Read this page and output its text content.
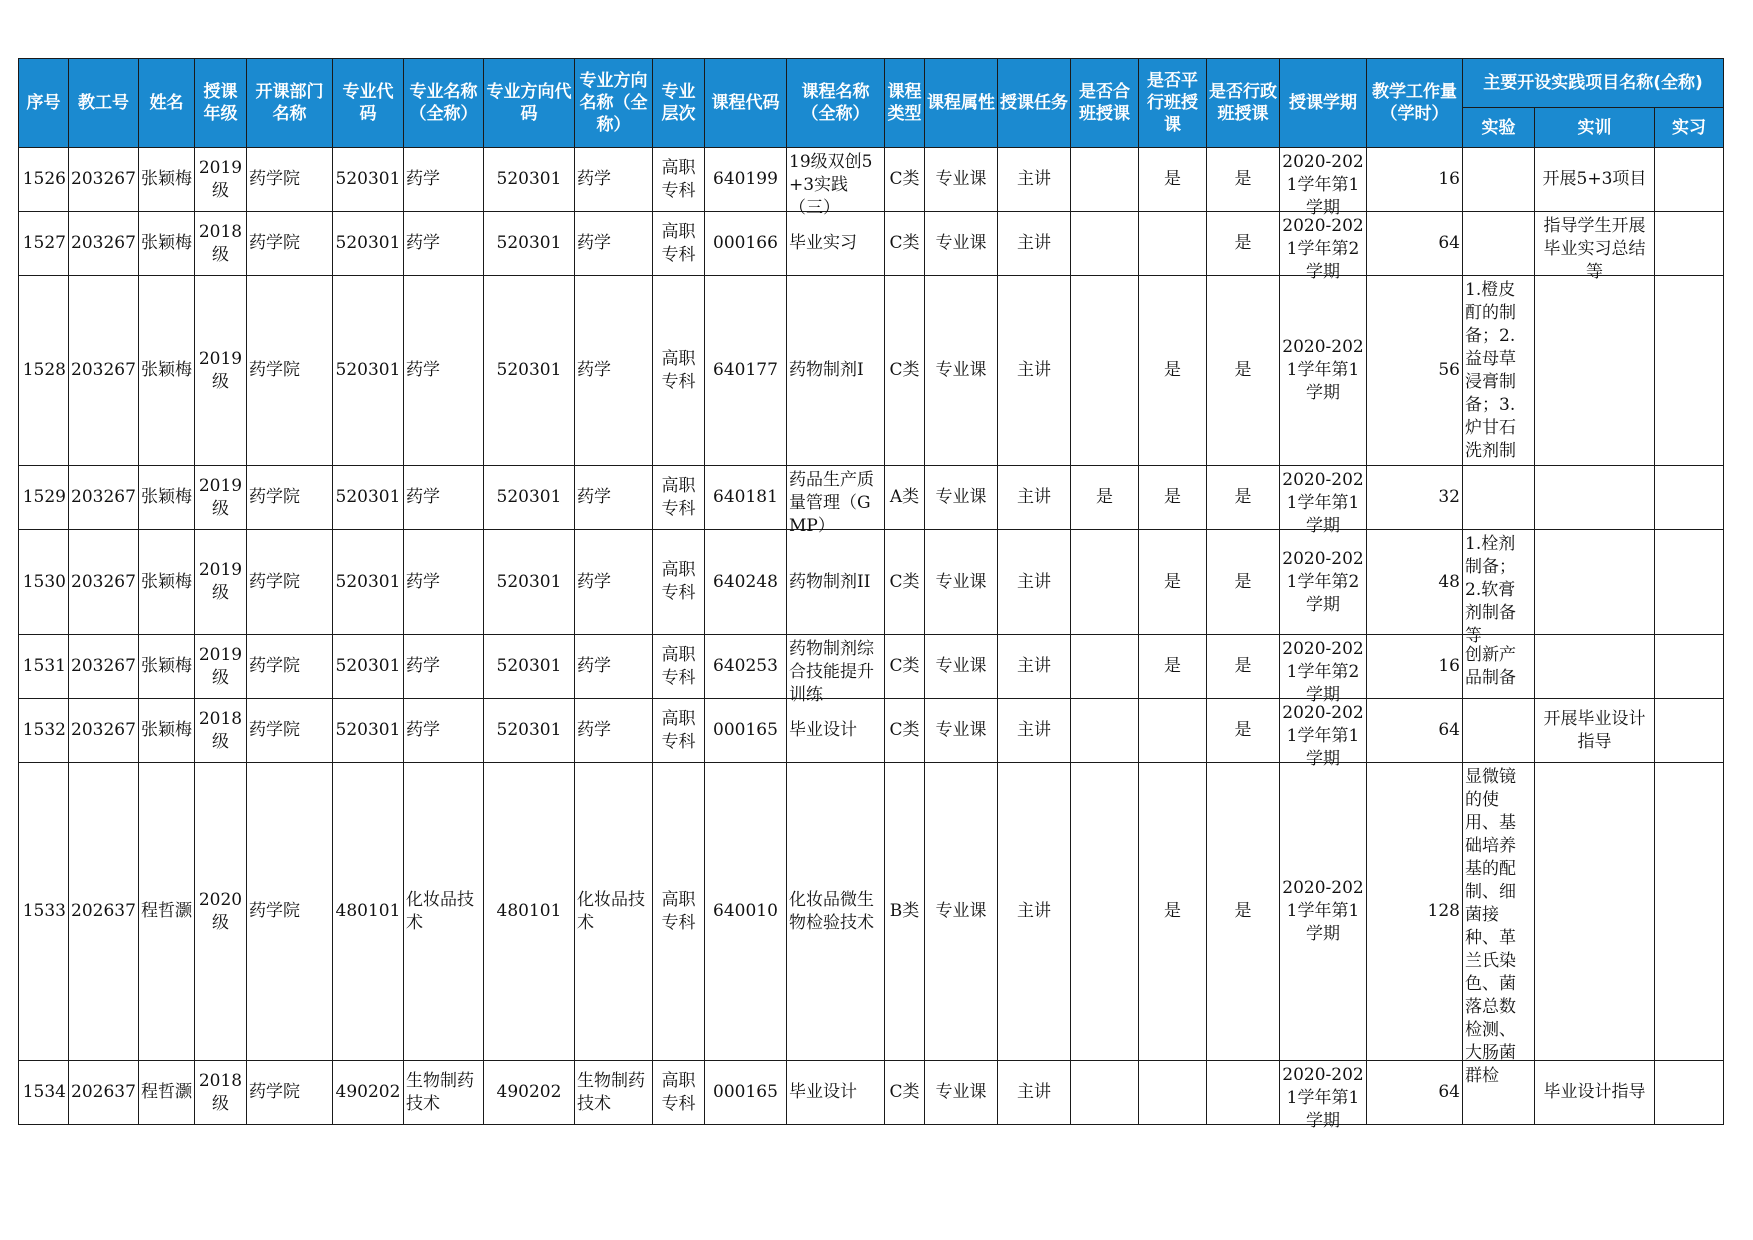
序号	教工号	姓名	授课年级	开课部门名称	专业代码	专业名称（全称）	专业方向代码	专业方向名称（全称）	专业层次	课程代码	课程名称（全称）	课程类型	课程属性	授课任务	是否合班授课	是否平行班授课	是否行政班授课	授课学期	教学工作量（学时）	主要开设实践项目名称(全称)		
																				实验	实训	实习

1526	203267	张颖梅	2019级	药学院	520301	药学	520301	药学	高职专科	640199	19级双创5+3实践（三）	C类	专业课	主讲		是	是	2020-2021学年第1学期	16		开展5+3项目	

1527	203267	张颖梅	2018级	药学院	520301	药学	520301	药学	高职专科	000166	毕业实习	C类	专业课	主讲			是	2020-2021学年第2学期	64		指导学生开展毕业实习总结等	

1528	203267	张颖梅	2019级	药学院	520301	药学	520301	药学	高职专科	640177	药物制剂I	C类	专业课	主讲		是	是	2020-2021学年第1学期	56	1.橙皮酊的制备；2.益母草浸膏制备；3.炉甘石洗剂制		

1529	203267	张颖梅	2019级	药学院	520301	药学	520301	药学	高职专科	640181	药品生产质量管理（GMP）	A类	专业课	主讲	是	是	是	2020-2021学年第1学期	32			

1530	203267	张颖梅	2019级	药学院	520301	药学	520301	药学	高职专科	640248	药物制剂II	C类	专业课	主讲		是	是	2020-2021学年第2学期	48	1.栓剂制备；2.软膏剂制备等		

1531	203267	张颖梅	2019级	药学院	520301	药学	520301	药学	高职专科	640253	药物制剂综合技能提升训练	C类	专业课	主讲		是	是	2020-2021学年第2学期	16	创新产品制备		

1532	203267	张颖梅	2018级	药学院	520301	药学	520301	药学	高职专科	000165	毕业设计	C类	专业课	主讲			是	2020-2021学年第1学期	64		开展毕业设计指导	

1533	202637	程哲灏	2020级	药学院	480101	化妆品技术	480101	化妆品技术	高职专科	640010	化妆品微生物检验技术	B类	专业课	主讲		是	是	2020-2021学年第1学期	128	显微镜的使用、基础培养基的配制、细菌接种、革兰氏染色、菌落总数检测、大肠菌群检		

1534	202637	程哲灏	2018级	药学院	490202	生物制药技术	490202	生物制药技术	高职专科	000165	毕业设计	C类	专业课	主讲				2020-2021学年第1学期	64		毕业设计指导	
